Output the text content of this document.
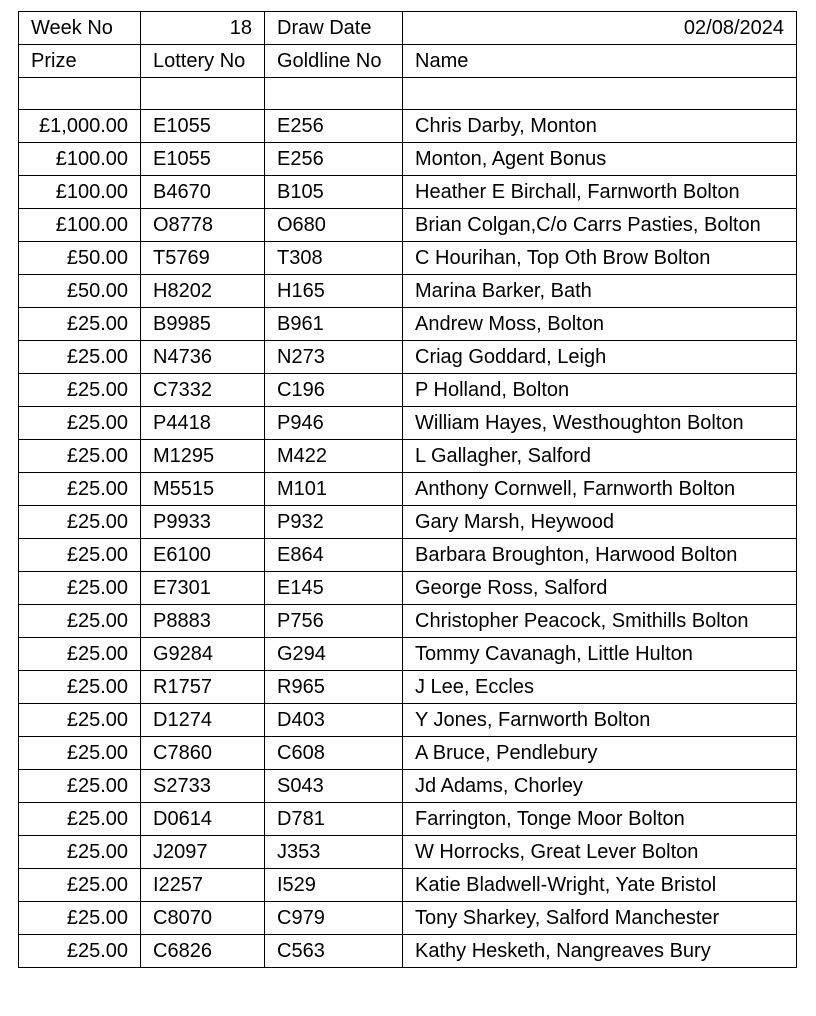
Week No	18	Draw Date	02/08/2024
Prize	Lottery No	Goldline No	Name

£1,000.00	E1055	E256	Chris Darby, Monton
£100.00	E1055	E256	Monton, Agent Bonus
£100.00	B4670	B105	Heather E Birchall, Farnworth Bolton
£100.00	O8778	O680	Brian Colgan,C/o Carrs Pasties, Bolton
£50.00	T5769	T308	C Hourihan, Top Oth Brow Bolton
£50.00	H8202	H165	Marina Barker, Bath
£25.00	B9985	B961	Andrew Moss, Bolton
£25.00	N4736	N273	Criag Goddard, Leigh
£25.00	C7332	C196	P Holland, Bolton
£25.00	P4418	P946	William Hayes, Westhoughton Bolton
£25.00	M1295	M422	L Gallagher, Salford
£25.00	M5515	M101	Anthony Cornwell, Farnworth Bolton
£25.00	P9933	P932	Gary Marsh, Heywood
£25.00	E6100	E864	Barbara Broughton, Harwood Bolton
£25.00	E7301	E145	George Ross, Salford
£25.00	P8883	P756	Christopher Peacock, Smithills Bolton
£25.00	G9284	G294	Tommy Cavanagh, Little Hulton
£25.00	R1757	R965	J Lee, Eccles
£25.00	D1274	D403	Y Jones, Farnworth Bolton
£25.00	C7860	C608	A Bruce, Pendlebury
£25.00	S2733	S043	Jd Adams, Chorley
£25.00	D0614	D781	Farrington, Tonge Moor Bolton
£25.00	J2097	J353	W Horrocks, Great Lever Bolton
£25.00	I2257	I529	Katie Bladwell-Wright, Yate Bristol
£25.00	C8070	C979	Tony Sharkey, Salford Manchester
£25.00	C6826	C563	Kathy Hesketh, Nangreaves Bury
